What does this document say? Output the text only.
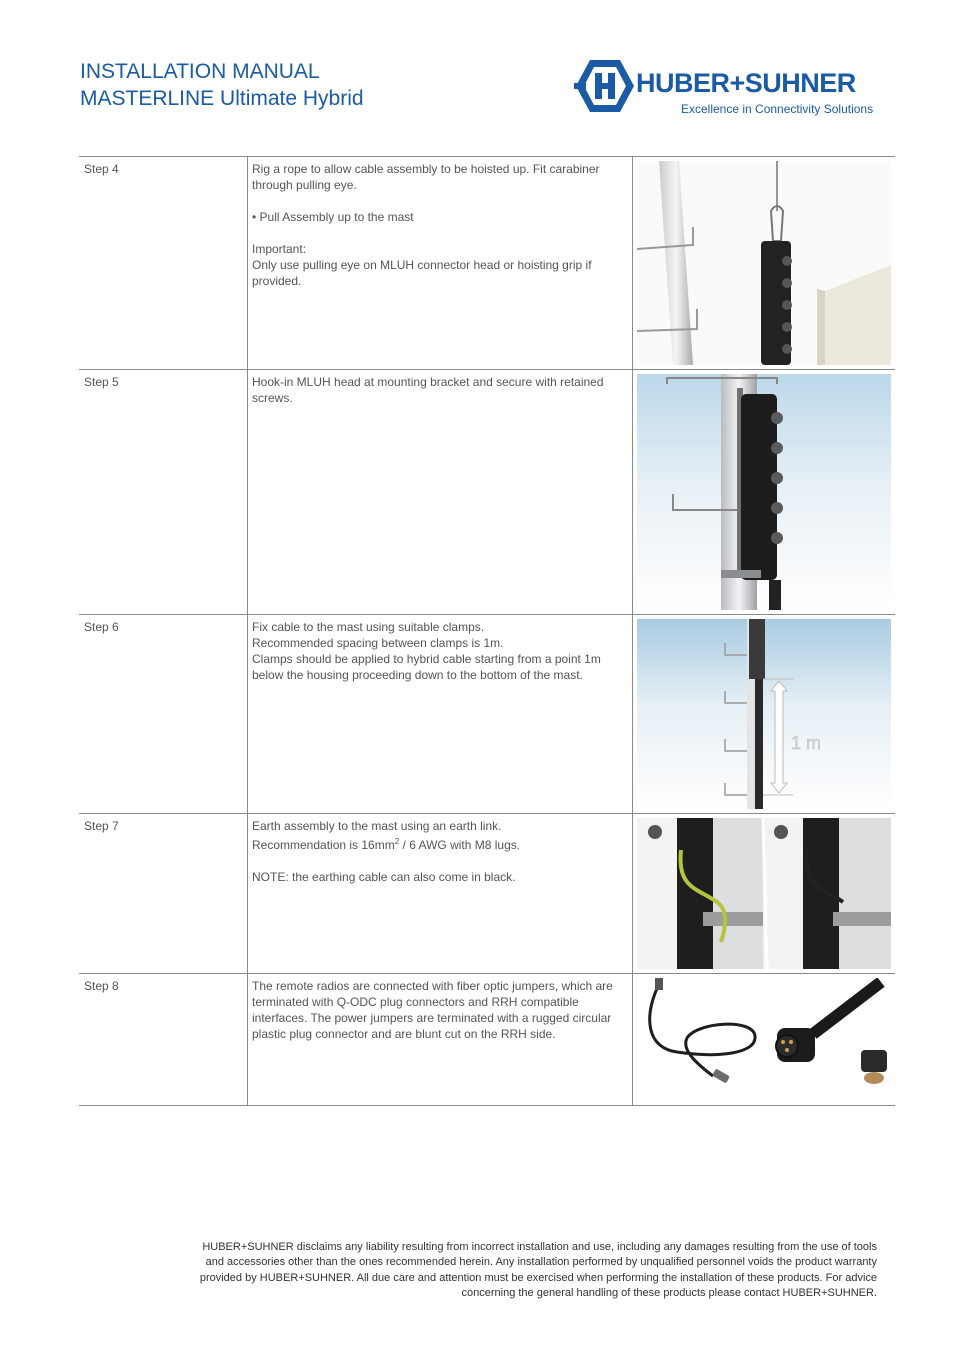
INSTALLATION MANUAL
MASTERLINE Ultimate Hybrid
HUBER+SUHNER
Excellence in Connectivity Solutions
Step 4	Rig a rope to allow cable assembly to be hoisted up. Fit carabiner through pulling eye.
• Pull Assembly up to the mast
Important:
Only use pulling eye on MLUH connector head or hoisting grip if provided.

Step 5	Hook-in MLUH head at mounting bracket and secure with retained screws.

Step 6	Fix cable to the mast using suitable clamps.
Recommended spacing between clamps is 1m.
Clamps should be applied to hybrid cable starting from a point 1m below the housing proceeding down to the bottom of the mast.	1 m

Step 7	Earth assembly to the mast using an earth link.
Recommendation is $16mm^2 / 6$ AWG with M8 lugs.
NOTE: the earthing cable can also come in black.

Step 8	The remote radios are connected with fiber optic jumpers, which are terminated with Q-ODC plug connectors and RRH compatible interfaces. The power jumpers are terminated with a rugged circular plastic plug connector and are blunt cut on the RRH side.

HUBER+SUHNER disclaims any liability resulting from incorrect installation and use, including any damages resulting from the use of tools and accessories other than the ones recommended herein. Any installation performed by unqualified personnel voids the product warranty provided by HUBER+SUHNER. All due care and attention must be exercised when performing the installation of these products. For advice concerning the general handling of these products please contact HUBER+SUHNER.
